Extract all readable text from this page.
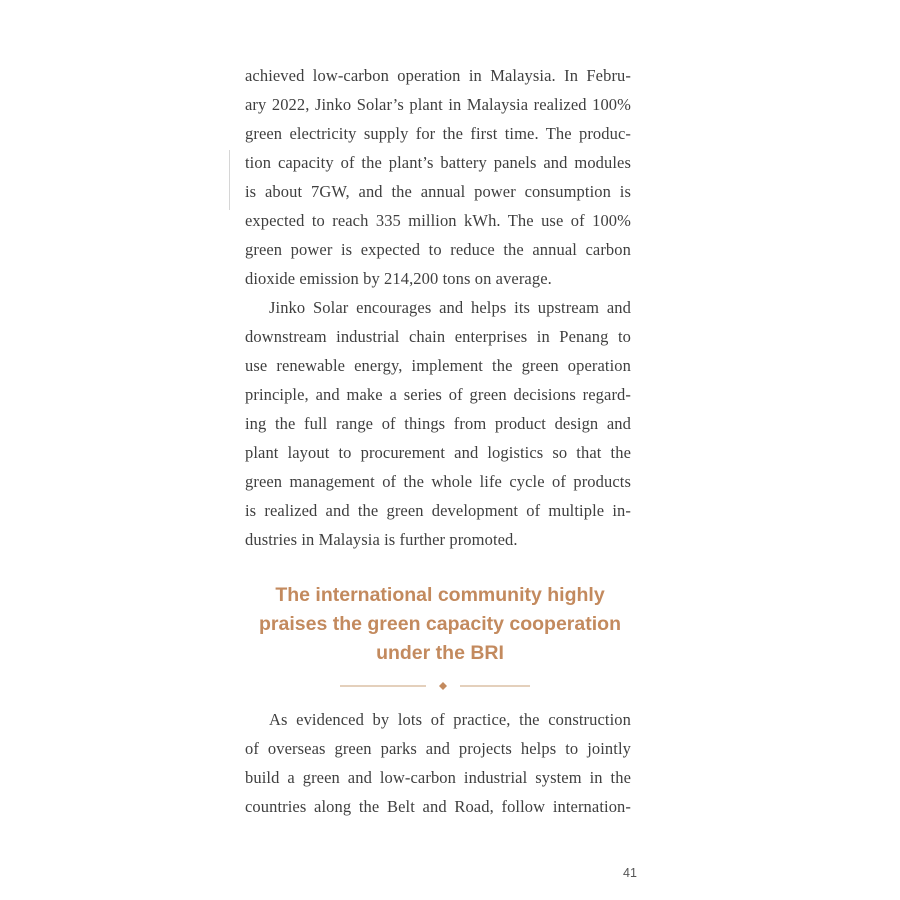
achieved low-carbon operation in Malaysia. In Febru-
ary 2022, Jinko Solar’s plant in Malaysia realized 100%
green electricity supply for the first time. The produc-
tion capacity of the plant’s battery panels and modules
is about 7GW, and the annual power consumption is
expected to reach 335 million kWh. The use of 100%
green power is expected to reduce the annual carbon
dioxide emission by 214,200 tons on average.
Jinko Solar encourages and helps its upstream and
downstream industrial chain enterprises in Penang to
use renewable energy, implement the green operation
principle, and make a series of green decisions regard-
ing the full range of things from product design and
plant layout to procurement and logistics so that the
green management of the whole life cycle of products
is realized and the green development of multiple in-
dustries in Malaysia is further promoted.
The international community highly
praises the green capacity cooperation
under the BRI
As evidenced by lots of practice, the construction
of overseas green parks and projects helps to jointly
build a green and low-carbon industrial system in the
countries along the Belt and Road, follow internation-
41
